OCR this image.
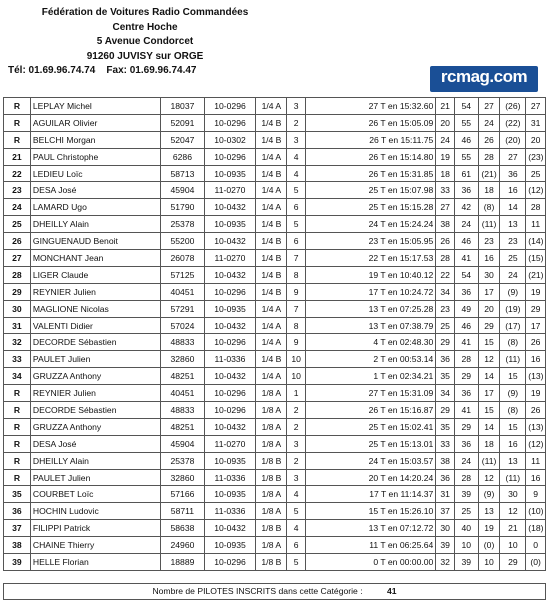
Fédération de Voitures Radio Commandées
Centre Hoche
5 Avenue Condorcet
91260 JUVISY sur ORGE
Tél: 01.69.96.74.74    Fax: 01.69.96.74.47	rcmag.com
R	LEPLAY Michel	18037	10-0296	1/4 A	3	27 T en 15:32.60	21	54	27	(26)	27
R	AGUILAR Olivier	52091	10-0296	1/4 B	2	26 T en 15:05.09	20	55	24	(22)	31
R	BELCHI Morgan	52047	10-0302	1/4 B	3	26 T en 15:11.75	24	46	26	(20)	20
21	PAUL Christophe	6286	10-0296	1/4 A	4	26 T en 15:14.80	19	55	28	27	(23)
22	LEDIEU Loïc	58713	10-0935	1/4 B	4	26 T en 15:31.85	18	61	(21)	36	25
23	DESA José	45904	11-0270	1/4 A	5	25 T en 15:07.98	33	36	18	16	(12)
24	LAMARD Ugo	51790	10-0432	1/4 A	6	25 T en 15:15.28	27	42	(8)	14	28
25	DHEILLY Alain	25378	10-0935	1/4 B	5	24 T en 15:24.24	38	24	(11)	13	11
26	GINGUENAUD Benoit	55200	10-0432	1/4 B	6	23 T en 15:05.95	26	46	23	23	(14)
27	MONCHANT Jean	26078	11-0270	1/4 B	7	22 T en 15:17.53	28	41	16	25	(15)
28	LIGER Claude	57125	10-0432	1/4 B	8	19 T en 10:40.12	22	54	30	24	(21)
29	REYNIER Julien	40451	10-0296	1/4 B	9	17 T en 10:24.72	34	36	17	(9)	19
30	MAGLIONE Nicolas	57291	10-0935	1/4 A	7	13 T en 07:25.28	23	49	20	(19)	29
31	VALENTI Didier	57024	10-0432	1/4 A	8	13 T en 07:38.79	25	46	29	(17)	17
32	DECORDE Sébastien	48833	10-0296	1/4 A	9	4 T en 02:48.30	29	41	15	(8)	26
33	PAULET Julien	32860	11-0336	1/4 B	10	2 T en 00:53.14	36	28	12	(11)	16
34	GRUZZA Anthony	48251	10-0432	1/4 A	10	1 T en 02:34.21	35	29	14	15	(13)
R	REYNIER Julien	40451	10-0296	1/8 A	1	27 T en 15:31.09	34	36	17	(9)	19
R	DECORDE Sébastien	48833	10-0296	1/8 A	2	26 T en 15:16.87	29	41	15	(8)	26
R	GRUZZA Anthony	48251	10-0432	1/8 A	2	25 T en 15:02.41	35	29	14	15	(13)
R	DESA José	45904	11-0270	1/8 A	3	25 T en 15:13.01	33	36	18	16	(12)
R	DHEILLY Alain	25378	10-0935	1/8 B	2	24 T en 15:03.57	38	24	(11)	13	11
R	PAULET Julien	32860	11-0336	1/8 B	3	20 T en 14:20.24	36	28	12	(11)	16
35	COURBET Loïc	57166	10-0935	1/8 A	4	17 T en 11:14.37	31	39	(9)	30	9
36	HOCHIN Ludovic	58711	11-0336	1/8 A	5	15 T en 15:26.10	37	25	13	12	(10)
37	FILIPPI Patrick	58638	10-0432	1/8 B	4	13 T en 07:12.72	30	40	19	21	(18)
38	CHAINE Thierry	24960	10-0935	1/8 A	6	11 T en 06:25.64	39	10	(0)	10	0
39	HELLE Florian	18889	10-0296	1/8 B	5	0 T en 00:00.00	32	39	10	29	(0)
Nombre de PILOTES INSCRITS dans cette Catégorie :	41
